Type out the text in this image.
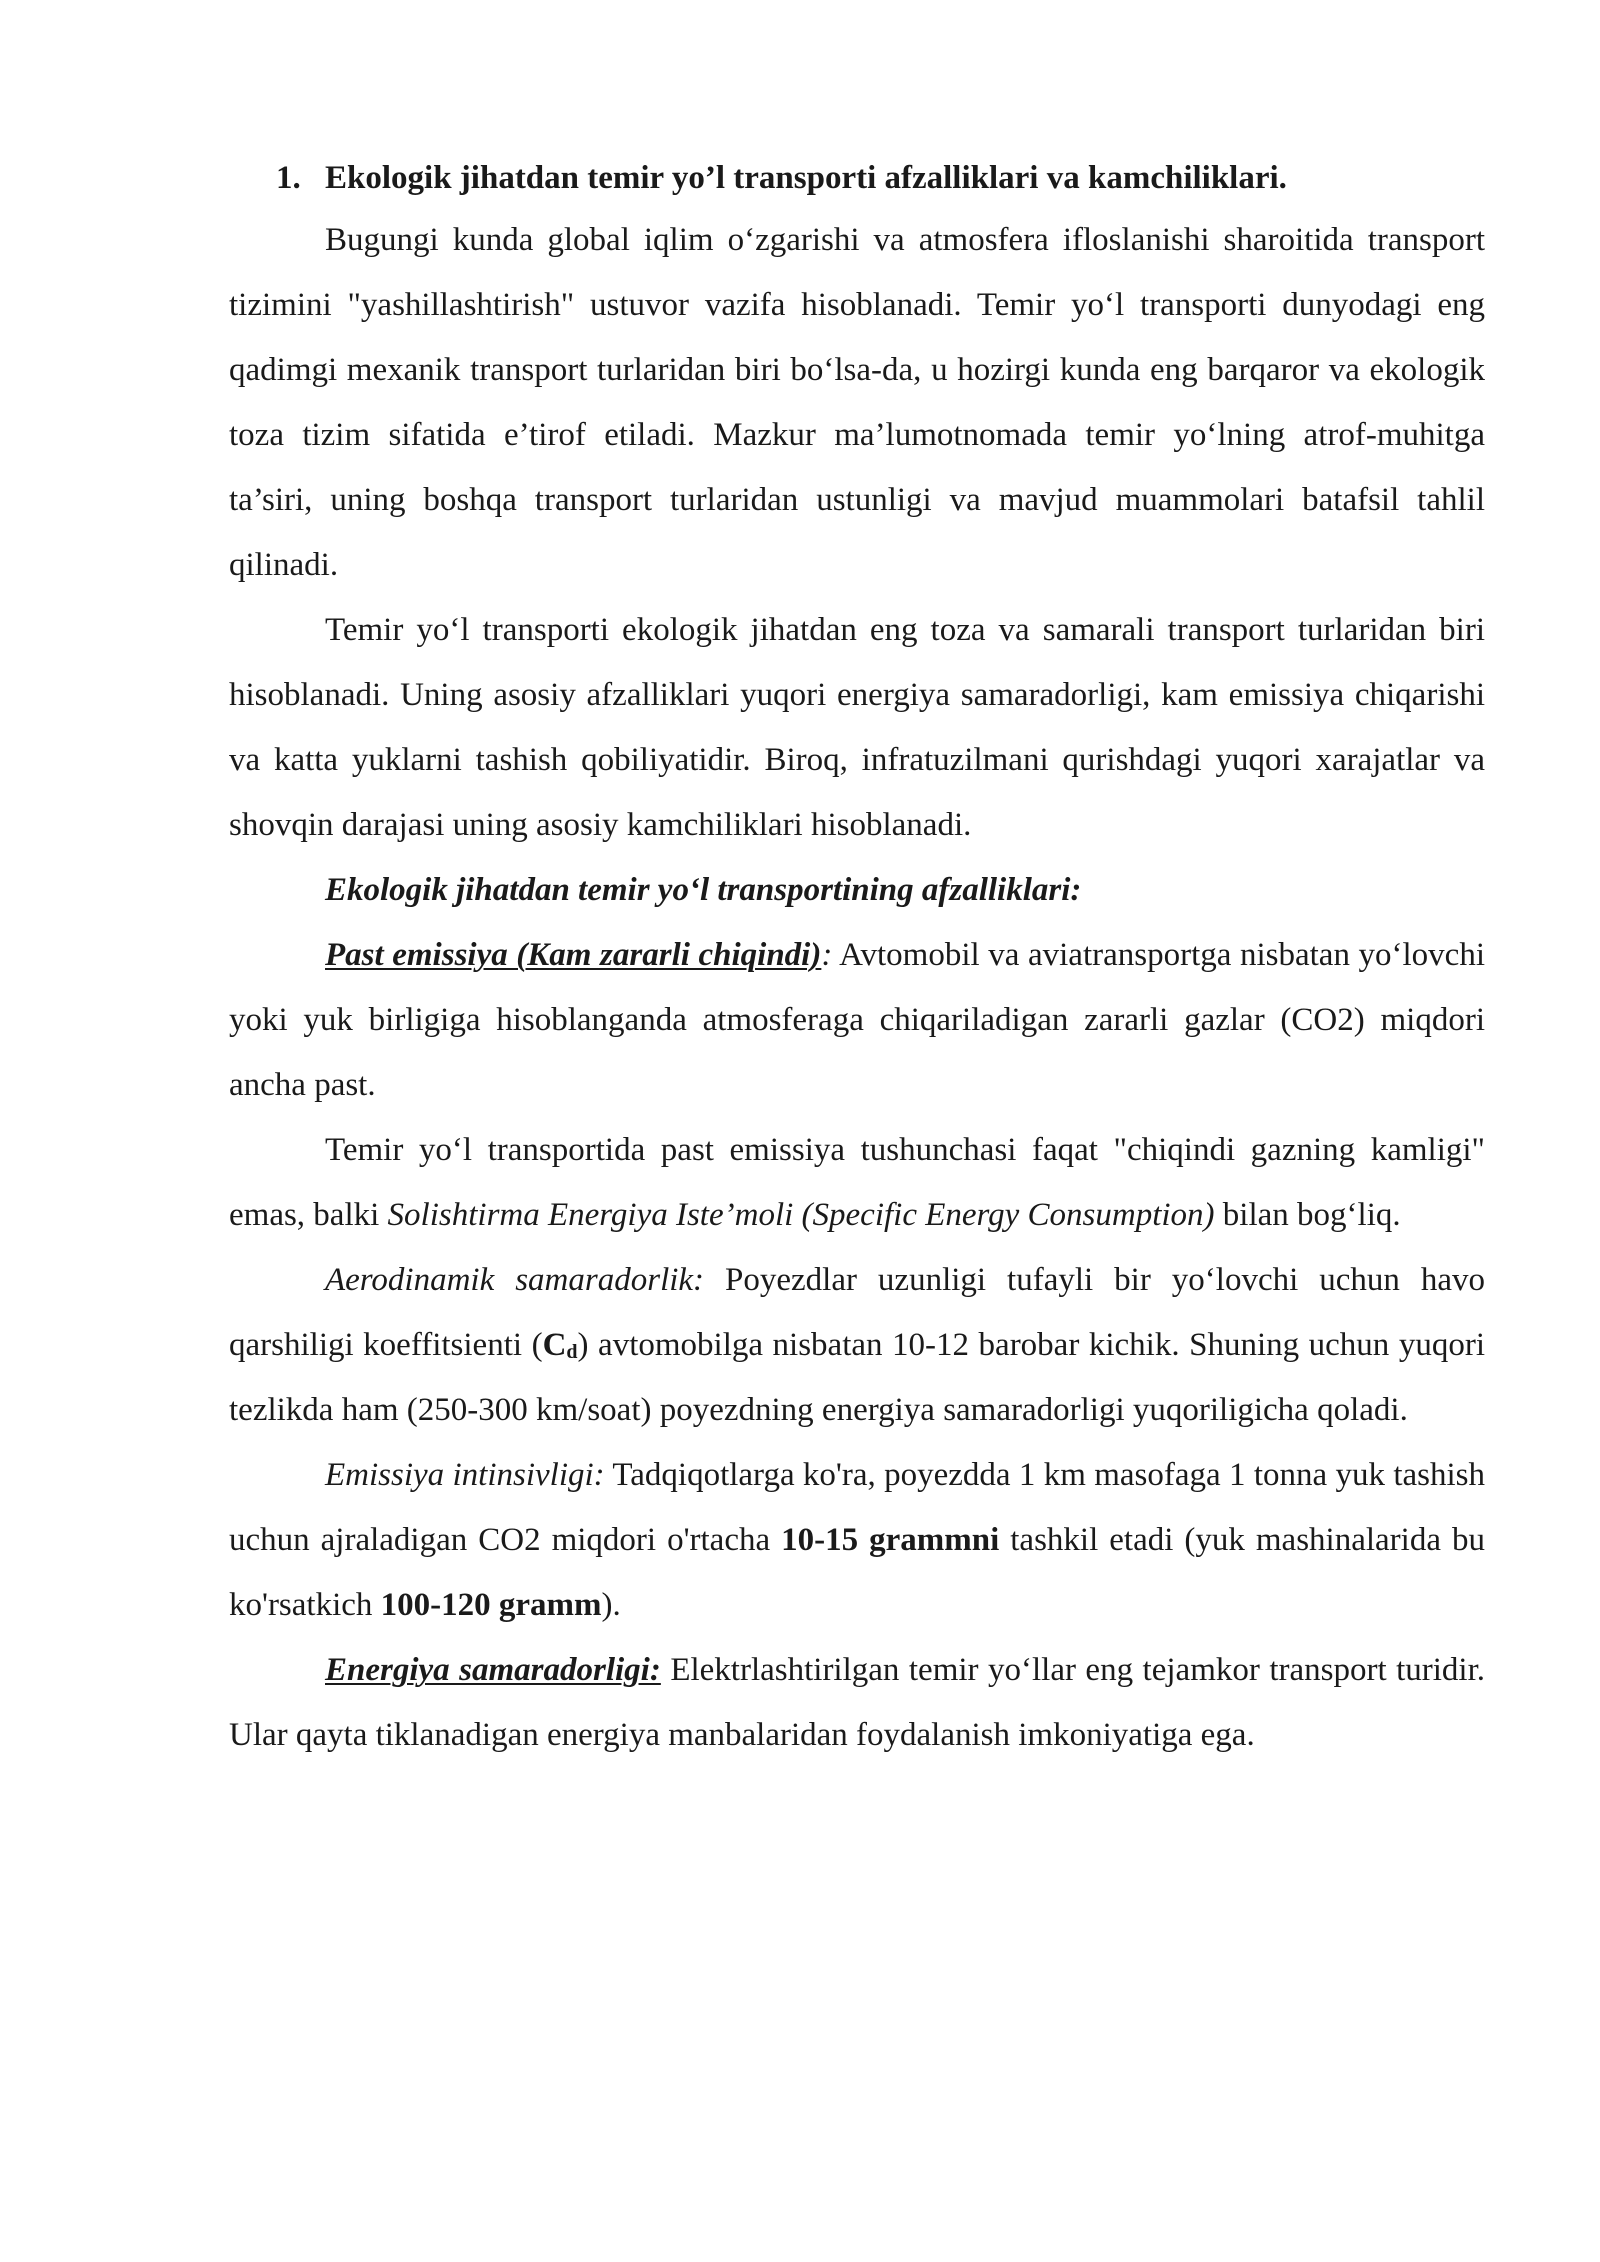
1. Ekologik jihatdan temir yo’l transporti afzalliklari va kamchiliklari.

Bugungi kunda global iqlim o‘zgarishi va atmosfera ifloslanishi sharoitida transport tizimini "yashillashtirish" ustuvor vazifa hisoblanadi. Temir yo‘l transporti dunyodagi eng qadimgi mexanik transport turlaridan biri bo‘lsa-da, u hozirgi kunda eng barqaror va ekologik toza tizim sifatida e’tirof etiladi. Mazkur ma’lumotnomada temir yo‘lning atrof-muhitga ta’siri, uning boshqa transport turlaridan ustunligi va mavjud muammolari batafsil tahlil qilinadi.

Temir yo‘l transporti ekologik jihatdan eng toza va samarali transport turlaridan biri hisoblanadi. Uning asosiy afzalliklari yuqori energiya samaradorligi, kam emissiya chiqarishi va katta yuklarni tashish qobiliyatidir. Biroq, infratuzilmani qurishdagi yuqori xarajatlar va shovqin darajasi uning asosiy kamchiliklari hisoblanadi.

Ekologik jihatdan temir yo‘l transportining afzalliklari:

Past emissiya (Kam zararli chiqindi): Avtomobil va aviatransportga nisbatan yo‘lovchi yoki yuk birligiga hisoblanganda atmosferaga chiqariladigan zararli gazlar (CO2) miqdori ancha past.

Temir yo‘l transportida past emissiya tushunchasi faqat "chiqindi gazning kamligi" emas, balki Solishtirma Energiya Iste’moli (Specific Energy Consumption) bilan bog‘liq.

Aerodinamik samaradorlik: Poyezdlar uzunligi tufayli bir yo‘lovchi uchun havo qarshiligi koeffitsienti $(C_d)$ avtomobilga nisbatan 10-12 barobar kichik. Shuning uchun yuqori tezlikda ham (250-300 km/soat) poyezdning energiya samaradorligi yuqoriligicha qoladi.

Emissiya intinsivligi: Tadqiqotlarga ko'ra, poyezdda 1 km masofaga 1 tonna yuk tashish uchun ajraladigan CO2 miqdori o'rtacha 10-15 grammni tashkil etadi (yuk mashinalarida bu ko'rsatkich 100-120 gramm).

Energiya samaradorligi: Elektrlashtirilgan temir yo‘llar eng tejamkor transport turidir. Ular qayta tiklanadigan energiya manbalaridan foydalanish imkoniyatiga ega.
